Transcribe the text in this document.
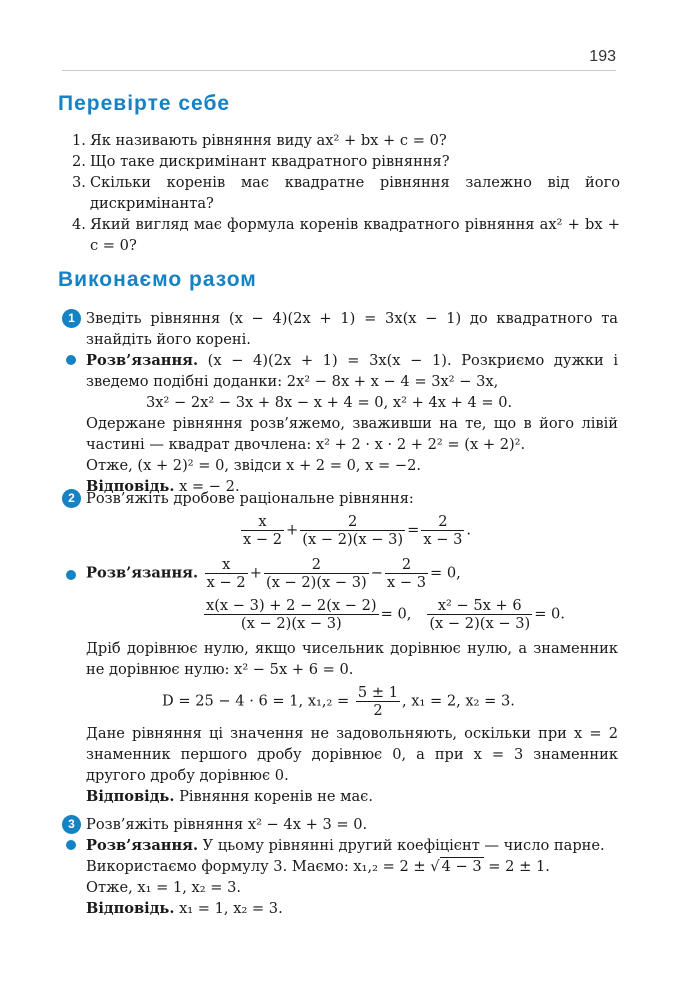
193
Перевірте себе
1. Як називають рівняння виду ax² + bx + c = 0?
2. Що таке дискримінант квадратного рівняння?
3. Скільки коренів має квадратне рівняння залежно від його дискримінанта?
4. Який вигляд має формула коренів квадратного рівняння ax² + bx + c = 0?
Виконаємо разом
1 Зведіть рівняння (x − 4)(2x + 1) = 3x(x − 1) до квадратного та знайдіть його корені.
Розв’язання. (x − 4)(2x + 1) = 3x(x − 1). Розкриємо дужки і зведемо подібні доданки: 2x² − 8x + x − 4 = 3x² − 3x,
3x² − 2x² − 3x + 8x − x + 4 = 0, x² + 4x + 4 = 0.
Одержане рівняння розв’яжемо, зваживши на те, що в його лівій частині — квадрат двочлена: x² + 2 · x · 2 + 2² = (x + 2)².
Отже, (x + 2)² = 0, звідси x + 2 = 0, x = −2.
Відповідь. x = − 2.
2 Розв’яжіть дробове раціональне рівняння:
$\frac{x}{x - 2} + \frac{2}{(x - 2)(x - 3)} = \frac{2}{x - 3}$ .
Розв’язання. $\frac{x}{x - 2} + \frac{2}{(x - 2)(x - 3)} - \frac{2}{x - 3} = 0$,
$\frac{x(x - 3) + 2 - 2(x - 2)}{(x - 2)(x - 3)} = 0$, $\frac{\text{x² − 5x + 6}}{(x - 2)(x - 3)} = 0$.
Дріб дорівнює нулю, якщо чисельник дорівнює нулю, а знаменник не дорівнює нулю: x² − 5x + 6 = 0.
D = 25 − 4 · 6 = 1, $x_1,_2 = \frac{5 \pm 1}{2}$ , x₁ = 2, x₂ = 3.
Дане рівняння ці значення не задовольняють, оскільки при x = 2 знаменник першого дробу дорівнює 0, а при x = 3 знаменник другого дробу дорівнює 0.
Відповідь. Рівняння коренів не має.
3 Розв’яжіть рівняння x² − 4x + 3 = 0.
Розв’язання. У цьому рівнянні другий коефіцієнт — число парне.
Використаємо формулу 3. Маємо: x₁,₂ = 2 ± √ 4 − 3 = 2 ± 1.
Отже, x₁ = 1, x₂ = 3.
Відповідь. x₁ = 1, x₂ = 3.
